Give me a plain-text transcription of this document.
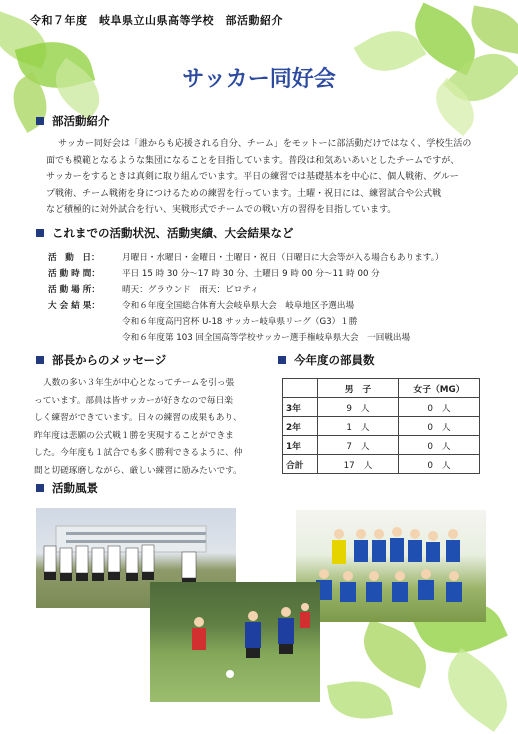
令和７年度　岐阜県立山県高等学校　部活動紹介
サッカー同好会
部活動紹介
サッカー同好会は「誰からも応援される自分、チーム」をモットーに部活動だけではなく、学校生活の
面でも模範となるような集団になることを目指しています。普段は和気あいあいとしたチームですが、
サッカーをするときは真剣に取り組んでいます。平日の練習では基礎基本を中心に、個人戦術、グルー
プ戦術、チーム戦術を身につけるための練習を行っています。土曜・祝日には、練習試合や公式戦
など積極的に対外試合を行い、実戦形式でチームでの戦い方の習得を目指しています。
これまでの活動状況、活動実績、大会結果など
活　動　日：	月曜日・水曜日・金曜日・土曜日・祝日（日曜日に大会等が入る場合もあります。）
活 動 時 間：	平日 15 時 30 分～17 時 30 分、土曜日 9 時 00 分～11 時 00 分
活 動 場 所：	晴天：グラウンド　雨天：ピロティ
大 会 結 果：	令和６年度全国総合体育大会岐阜県大会　岐阜地区予選出場
令和６年度高円宮杯 U-18 サッカー岐阜県リーグ（G3）１勝
令和６年度第 103 回全国高等学校サッカー選手権岐阜県大会　一回戦出場
部長からのメッセージ
人数の多い３年生が中心となってチームを引っ張
っています。部員は皆サッカーが好きなので毎日楽
しく練習ができています。日々の練習の成果もあり、
昨年度は悲願の公式戦１勝を実現することができま
した。今年度も１試合でも多く勝利できるように、仲
間と切磋琢磨しながら、厳しい練習に励みたいです。
今年度の部員数
	男　子	女子（MG）
3年	9　 人	0　 人
2年	1　 人	0　 人
1年	7　 人	0　 人
合計	17　 人	0　 人
活動風景
